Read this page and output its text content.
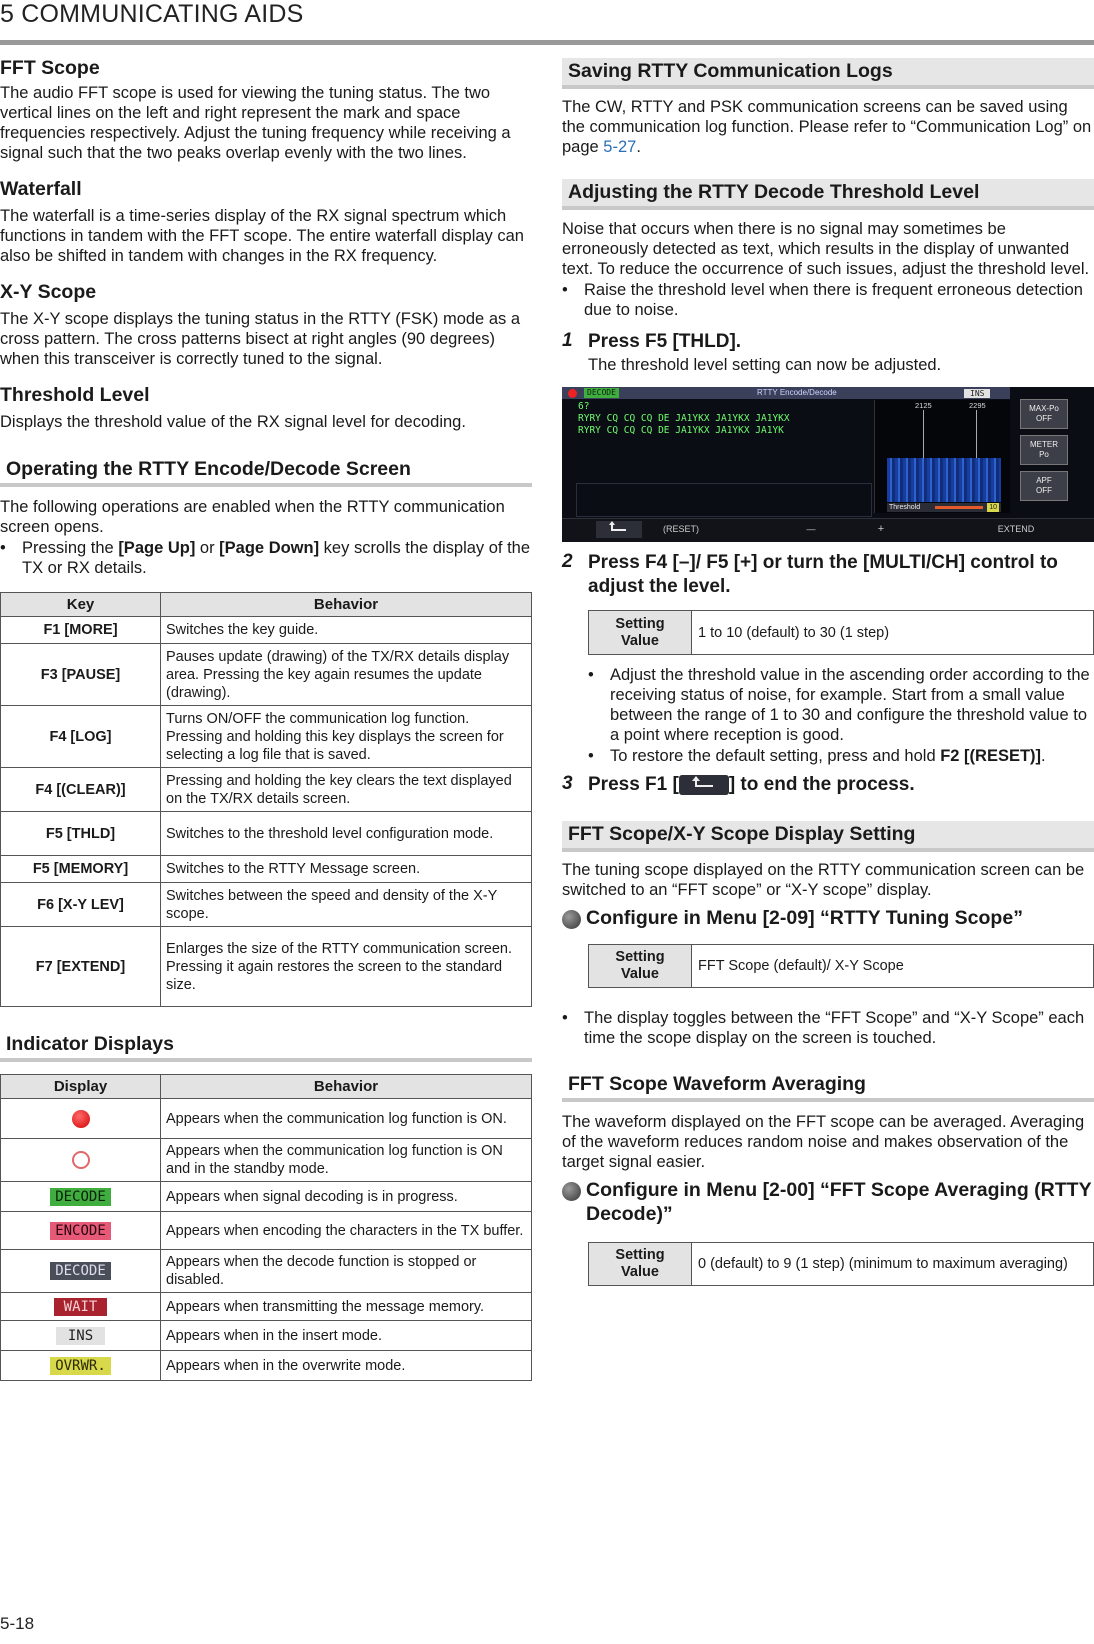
5 COMMUNICATING AIDS
FFT Scope

The audio FFT scope is used for viewing the tuning status. The two vertical lines on the left and right represent the mark and space frequencies respectively. Adjust the tuning frequency while receiving a signal such that the two peaks overlap evenly with the two lines.

Waterfall

The waterfall is a time-series display of the RX signal spectrum which functions in tandem with the FFT scope. The entire waterfall display can also be shifted in tandem with changes in the RX frequency.

X-Y Scope

The X-Y scope displays the tuning status in the RTTY (FSK) mode as a cross pattern. The cross patterns bisect at right angles (90 degrees) when this transceiver is correctly tuned to the signal.

Threshold Level

Displays the threshold value of the RX signal level for decoding.

Operating the RTTY Encode/Decode Screen

The following operations are enabled when the RTTY communication screen opens.

• Pressing the [Page Up] or [Page Down] key scrolls the display of the TX or RX details.
Key	Behavior
F1 [MORE]	Switches the key guide.
F3 [PAUSE]	Pauses update (drawing) of the TX/RX details display area. Pressing the key again resumes the update (drawing).
F4 [LOG]	Turns ON/OFF the communication log function. Pressing and holding this key displays the screen for selecting a log file that is saved.
F4 [(CLEAR)]	Pressing and holding the key clears the text displayed on the TX/RX details screen.
F5 [THLD]	Switches to the threshold level configuration mode.
F5 [MEMORY]	Switches to the RTTY Message screen.
F6 [X-Y LEV]	Switches between the speed and density of the X-Y scope.
F7 [EXTEND]	Enlarges the size of the RTTY communication screen. Pressing it again restores the screen to the standard size.
Indicator Displays
Display	Behavior
	Appears when the communication log function is ON.
	Appears when the communication log function is ON and in the standby mode.
DECODE	Appears when signal decoding is in progress.
ENCODE	Appears when encoding the characters in the TX buffer.
DECODE	Appears when the decode function is stopped or disabled.
WAIT	Appears when transmitting the message memory.
INS	Appears when in the insert mode.
OVRWR.	Appears when in the overwrite mode.
Saving RTTY Communication Logs

The CW, RTTY and PSK communication screens can be saved using the communication log function. Please refer to “Communication Log” on page 5-27.

Adjusting the RTTY Decode Threshold Level

Noise that occurs when there is no signal may sometimes be erroneously detected as text, which results in the display of unwanted text. To reduce the occurrence of such issues, adjust the threshold level.

• Raise the threshold level when there is frequent erroneous detection due to noise.
1 Press F5 [THLD].

The threshold level setting can now be adjusted.

DECODE	RTTY Encode/Decode	INS
6?
RYRY CQ CQ CQ DE JA1YKX JA1YKX JA1YKX
RYRY CQ CQ CQ DE JA1YKX JA1YKX JA1YK
2125	2295
Threshold	10
MAX-Po
OFF
METER
Po
APF
OFF
(RESET)	—	+	EXTEND
2 Press F4 [–]/ F5 [+] or turn the [MULTI/CH] control to adjust the level.
Setting
Value	1 to 10 (default) to 30 (1 step)
• Adjust the threshold value in the ascending order according to the receiving status of noise, for example. Start from a small value between the range of 1 to 30 and configure the threshold value to a point where reception is good.
• To restore the default setting, press and hold F2 [(RESET)].
3 Press F1 [	] to end the process.
FFT Scope/X-Y Scope Display Setting

The tuning scope displayed on the RTTY communication screen can be switched to an “FFT scope” or “X-Y scope” display.

Configure in Menu [2-09] “RTTY Tuning Scope”
Setting
Value	FFT Scope (default)/ X-Y Scope
• The display toggles between the “FFT Scope” and “X-Y Scope” each time the scope display on the screen is touched.
FFT Scope Waveform Averaging

The waveform displayed on the FFT scope can be averaged. Averaging of the waveform reduces random noise and makes observation of the target signal easier.

Configure in Menu [2-00] “FFT Scope Averaging (RTTY Decode)”
Setting
Value	0 (default) to 9 (1 step) (minimum to maximum averaging)
5-18
